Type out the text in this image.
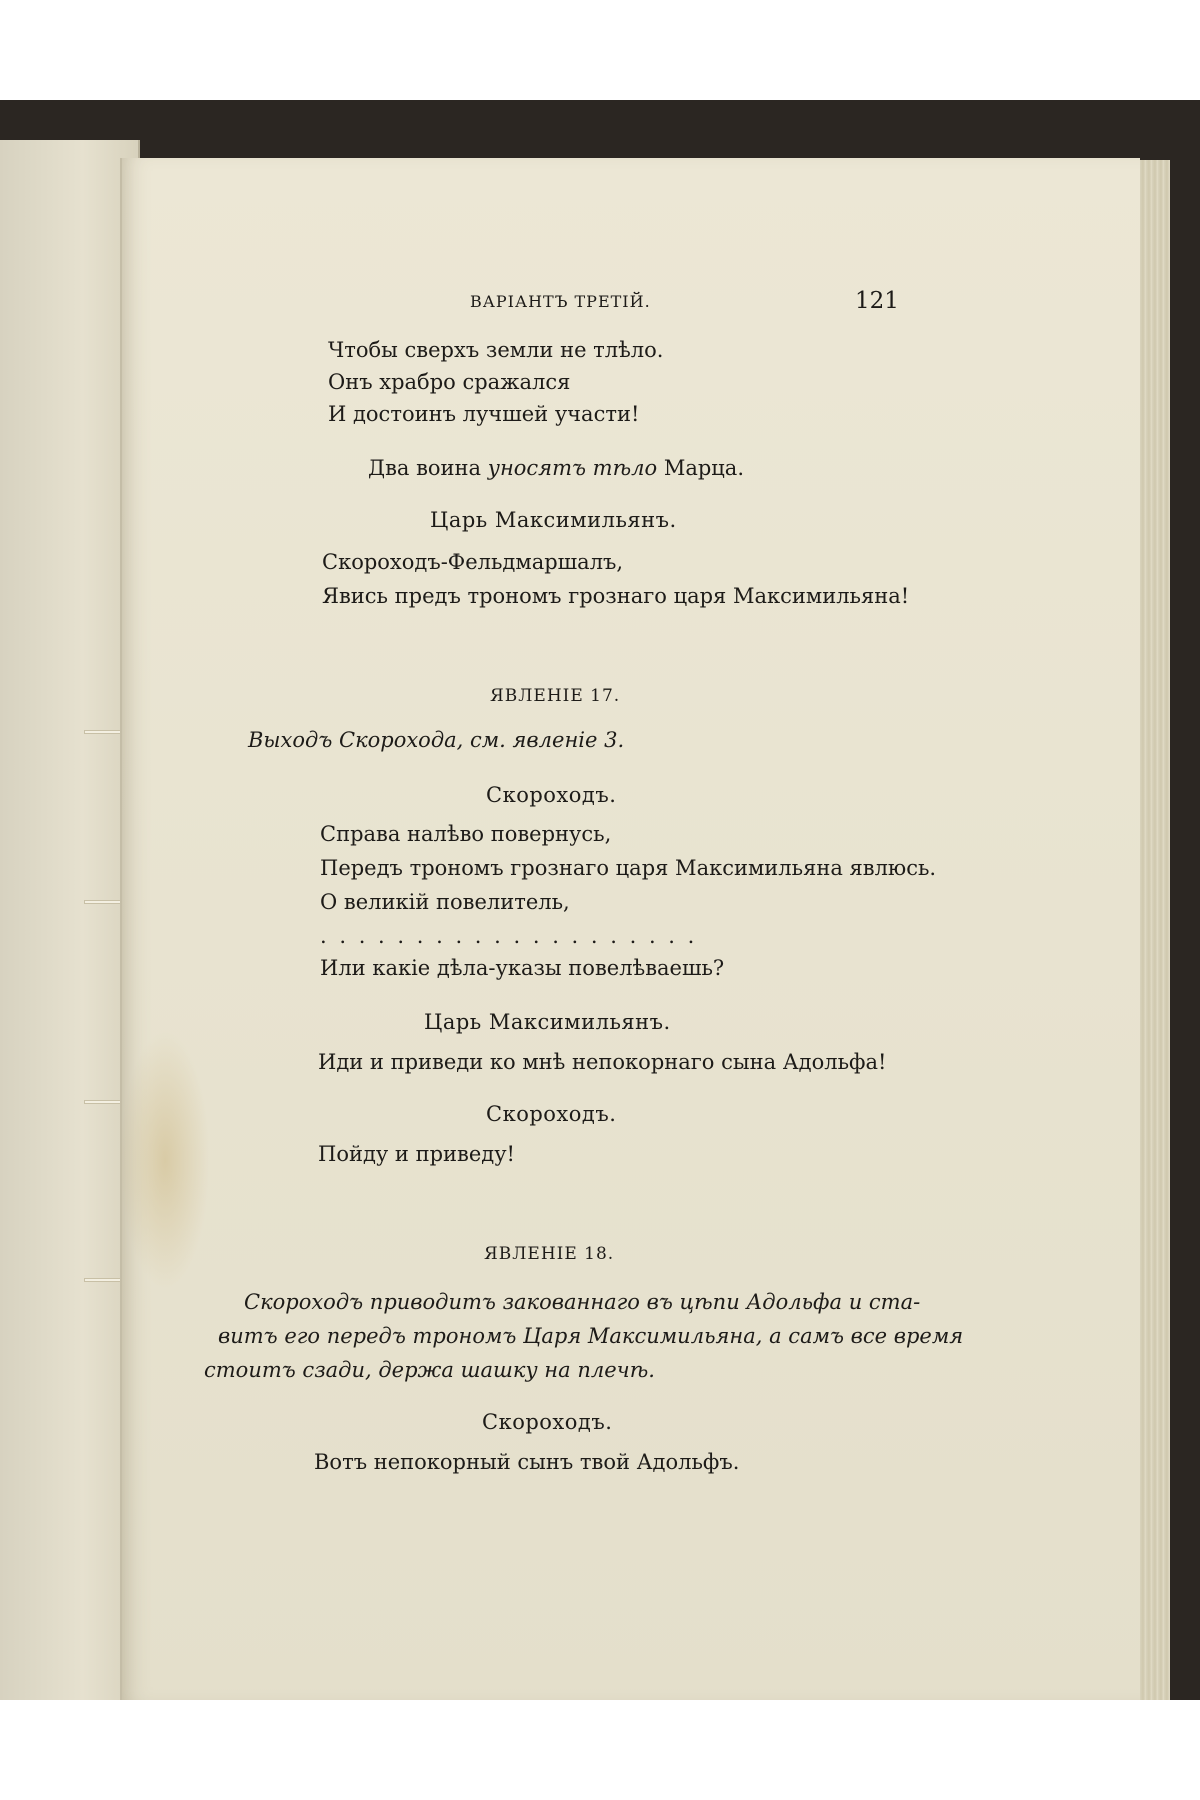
ВАРІАНТЪ ТРЕТІЙ.	121
Чтобы сверхъ земли не тлѣло.
Онъ храбро сражался
И достоинъ лучшей участи!
Два воина уносятъ тѣло Марца.
Царь Максимильянъ.
Скороходъ-Фельдмаршалъ,
Явись предъ трономъ грознаго царя Максимильяна!
ЯВЛЕНІЕ 17.
Выходъ Скорохода, см. явленіе 3.
Скороходъ.
Справа налѣво повернусь,
Передъ трономъ грознаго царя Максимильяна явлюсь.
О великій повелитель,
. . . . . . . . . . . . . . . . . . . .
Или какіе дѣла-указы повелѣваешь?
Царь Максимильянъ.
Иди и приведи ко мнѣ непокорнаго сына Адольфа!
Скороходъ.
Пойду и приведу!
ЯВЛЕНІЕ 18.
Скороходъ приводитъ закованнаго въ цѣпи Адольфа и ста-
витъ его передъ трономъ Царя Максимильяна, а самъ все время
стоитъ сзади, держа шашку на плечѣ.
Скороходъ.
Вотъ непокорный сынъ твой Адольфъ.
